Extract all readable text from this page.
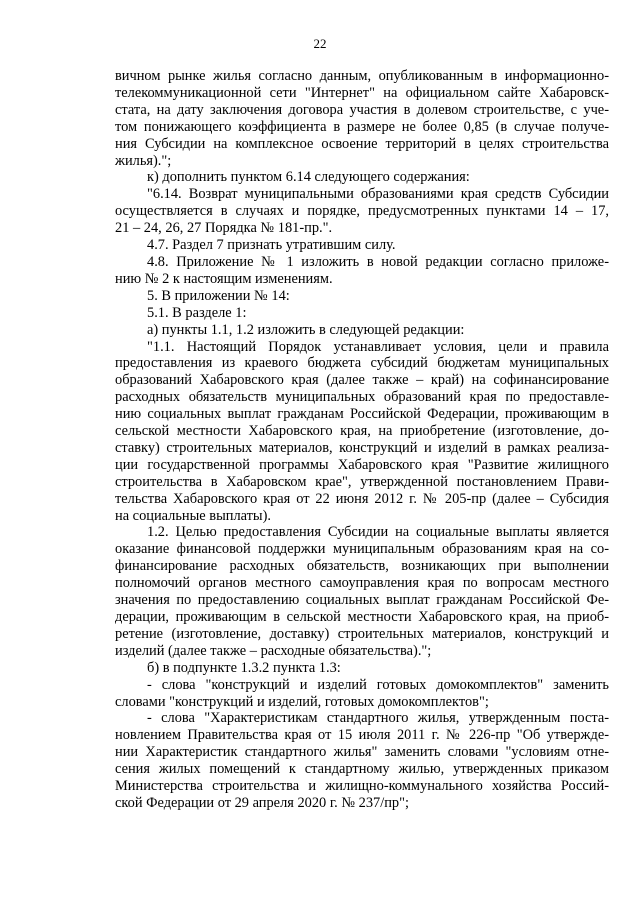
22
вичном рынке жилья согласно данным, опубликованным в информационно-
телекоммуникационной сети "Интернет" на официальном сайте Хабаровск-
стата, на дату заключения договора участия в долевом строительстве, с уче-
том понижающего коэффициента в размере не более 0,85 (в случае получе-
ния Субсидии на комплексное освоение территорий в целях строительства
жилья).";
к) дополнить пунктом 6.14 следующего содержания:
"6.14. Возврат муниципальными образованиями края средств Субсидии
осуществляется в случаях и порядке, предусмотренных пунктами 14 – 17,
21 – 24, 26, 27 Порядка № 181-пр.".
4.7. Раздел 7 признать утратившим силу.
4.8. Приложение № 1 изложить в новой редакции согласно приложе-
нию № 2 к настоящим изменениям.
5. В приложении № 14:
5.1. В разделе 1:
а) пункты 1.1, 1.2 изложить в следующей редакции:
"1.1. Настоящий Порядок устанавливает условия, цели и правила
предоставления из краевого бюджета субсидий бюджетам муниципальных
образований Хабаровского края (далее также – край) на софинансирование
расходных обязательств муниципальных образований края по предоставле-
нию социальных выплат гражданам Российской Федерации, проживающим в
сельской местности Хабаровского края, на приобретение (изготовление, до-
ставку) строительных материалов, конструкций и изделий в рамках реализа-
ции государственной программы Хабаровского края "Развитие жилищного
строительства в Хабаровском крае", утвержденной постановлением Прави-
тельства Хабаровского края от 22 июня 2012 г. № 205-пр (далее – Субсидия
на социальные выплаты).
1.2. Целью предоставления Субсидии на социальные выплаты является
оказание финансовой поддержки муниципальным образованиям края на со-
финансирование расходных обязательств, возникающих при выполнении
полномочий органов местного самоуправления края по вопросам местного
значения по предоставлению социальных выплат гражданам Российской Фе-
дерации, проживающим в сельской местности Хабаровского края, на приоб-
ретение (изготовление, доставку) строительных материалов, конструкций и
изделий (далее также – расходные обязательства).";
б) в подпункте 1.3.2 пункта 1.3:
- слова "конструкций и изделий готовых домокомплектов" заменить
словами "конструкций и изделий, готовых домокомплектов";
- слова "Характеристикам стандартного жилья, утвержденным поста-
новлением Правительства края от 15 июля 2011 г. № 226-пр "Об утвержде-
нии Характеристик стандартного жилья" заменить словами "условиям отне-
сения жилых помещений к стандартному жилью, утвержденных приказом
Министерства строительства и жилищно-коммунального хозяйства Россий-
ской Федерации от 29 апреля 2020 г. № 237/пр";
